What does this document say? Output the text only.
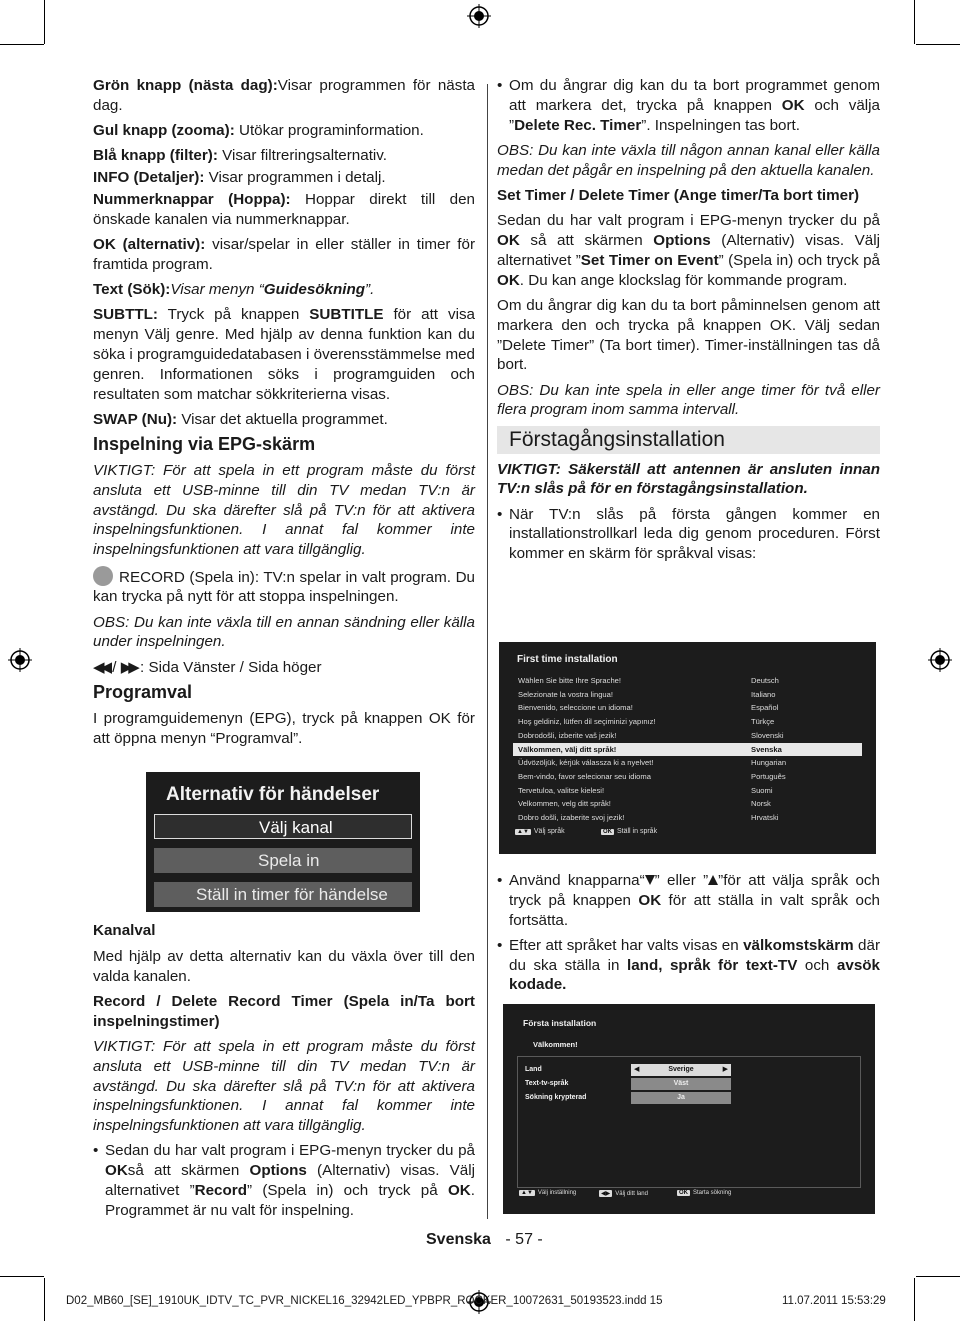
Grön knapp (nästa dag):Visar programmen för nästa dag.

Gul knapp (zooma): Utökar programinformation.

Blå knapp (filter): Visar filtreringsalternativ.

INFO (Detaljer): Visar programmen i detalj.

Nummerknappar (Hoppa): Hoppar direkt till den önskade kanalen via nummerknappar.

OK (alternativ): visar/spelar in eller ställer in timer för framtida program.

Text (Sök):Visar menyn “Guidesökning”.

SUBTTL: Tryck på knappen SUBTITLE för att visa menyn Välj genre. Med hjälp av denna funktion kan du söka i programguidedatabasen i överensstämmelse med genren. Informationen söks i programguiden och resultaten som matchar sökkriterierna visas.

SWAP (Nu): Visar det aktuella programmet.

Inspelning via EPG-skärm

VIKTIGT: För att spela in ett program måste du först ansluta ett USB-minne till din TV medan TV:n är avstängd. Du ska därefter slå på TV:n för att aktivera inspelningsfunktionen. I annat fal kommer inte inspelningsfunktionen att vara tillgänglig.

RECORD (Spela in): TV:n spelar in valt program. Du kan trycka på nytt för att stoppa inspelningen.

OBS: Du kan inte växla till en annan sändning eller källa under inspelningen.

◀◀ / ▶▶ : Sida Vänster / Sida höger

Programval

I programguidemenyn (EPG), tryck på knappen OK för att öppna menyn “Programval”.

Alternativ för händelser
Välj kanal
Spela in
Ställ in timer för händelse
Kanalval

Med hjälp av detta alternativ kan du växla över till den valda kanalen.

Record / Delete Record Timer (Spela in/Ta bort inspelningstimer)

VIKTIGT: För att spela in ett program måste du först ansluta ett USB-minne till din TV medan TV:n är avstängd. Du ska därefter slå på TV:n för att aktivera inspelningsfunktionen. I annat fal kommer inte inspelningsfunktionen att vara tillgänglig.

• Sedan du har valt program i EPG-menyn trycker du på OKså att skärmen Options (Alternativ) visas. Välj alternativet ”Record” (Spela in) och tryck på OK. Programmet är nu valt för inspelning.
• Om du ångrar dig kan du ta bort programmet genom att markera det, trycka på knappen OK och välja ”Delete Rec. Timer”. Inspelningen tas bort.

OBS: Du kan inte växla till någon annan kanal eller källa medan det pågår en inspelning på den aktuella kanalen.

Set Timer / Delete Timer (Ange timer/Ta bort timer)

Sedan du har valt program i EPG-menyn trycker du på OK så att skärmen Options (Alternativ) visas. Välj alternativet ”Set Timer on Event” (Spela in) och tryck på OK. Du kan ange klockslag för kommande program.

Om du ångrar dig kan du ta bort påminnelsen genom att markera den och trycka på knappen OK. Välj sedan ”Delete Timer” (Ta bort timer). Timer-inställningen tas då bort.

OBS: Du kan inte spela in eller ange timer för två eller flera program inom samma intervall.

Förstagångsinstallation

VIKTIGT: Säkerställ att antennen är ansluten innan TV:n slås på för en förstagångsinstallation.

• När TV:n slås på första gången kommer en installationstrollkarl leda dig genom proceduren. Först kommer en skärm för språkval visas:
First time installation
Wählen Sie bitte Ihre Sprache!	Deutsch
Selezionate la vostra lingua!	Italiano
Bienvenido, seleccione un idioma!	Español
Hoş geldiniz, lütfen dil seçiminizi yapınız!	Türkçe
Dobrodošli, izberite vaš jezik!	Slovenski
Välkommen, välj ditt språk!	Svenska
Üdvözöljük, kérjük válassza ki a nyelvet!	Hungarian
Bem-vindo, favor selecionar seu idioma	Português
Tervetuloa, valitse kielesi!	Suomi
Velkommen, velg ditt språk!	Norsk
Dobro došli, izaberite svoj jezik!	Hrvatski
▲▼ Välj språk	OK Ställ in språk
• Använd knapparna“ ” eller ” ”för att välja språk och tryck på knappen OK för att ställa in valt språk och fortsätta.
• Efter att språket har valts visas en välkomstskärm där du ska ställa in land, språk för text-TV och avsök kodade.
Första installation
Välkommen!
Land	◀	Sverige	▶
Text-tv-språk	Väst
Sökning krypterad	Ja
▲▼ Välj inställning	◀▶ Välj ditt land	OK Starta sökning
Svenska - 57 -
D02_MB60_[SE]_1910UK_IDTV_TC_PVR_NICKEL16_32942LED_YPBPR_ROCKER_10072631_50193523.indd 15	11.07.2011 15:53:29
